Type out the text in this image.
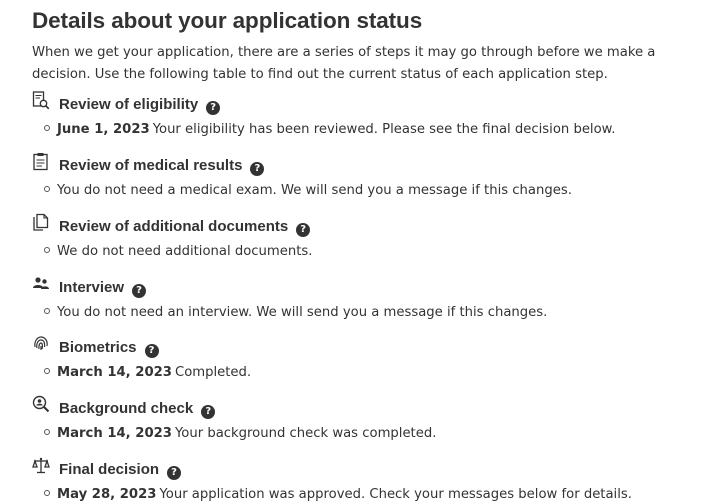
Details about your application status

When we get your application, there are a series of steps it may go through before we make a decision. Use the following table to find out the current status of each application step.

Review of eligibility ?
June 1, 2023 Your eligibility has been reviewed. Please see the final decision below.
Review of medical results ?
You do not need a medical exam. We will send you a message if this changes.
Review of additional documents ?
We do not need additional documents.
Interview ?
You do not need an interview. We will send you a message if this changes.
Biometrics ?
March 14, 2023 Completed.
Background check ?
March 14, 2023 Your background check was completed.
Final decision ?
May 28, 2023 Your application was approved. Check your messages below for details.
